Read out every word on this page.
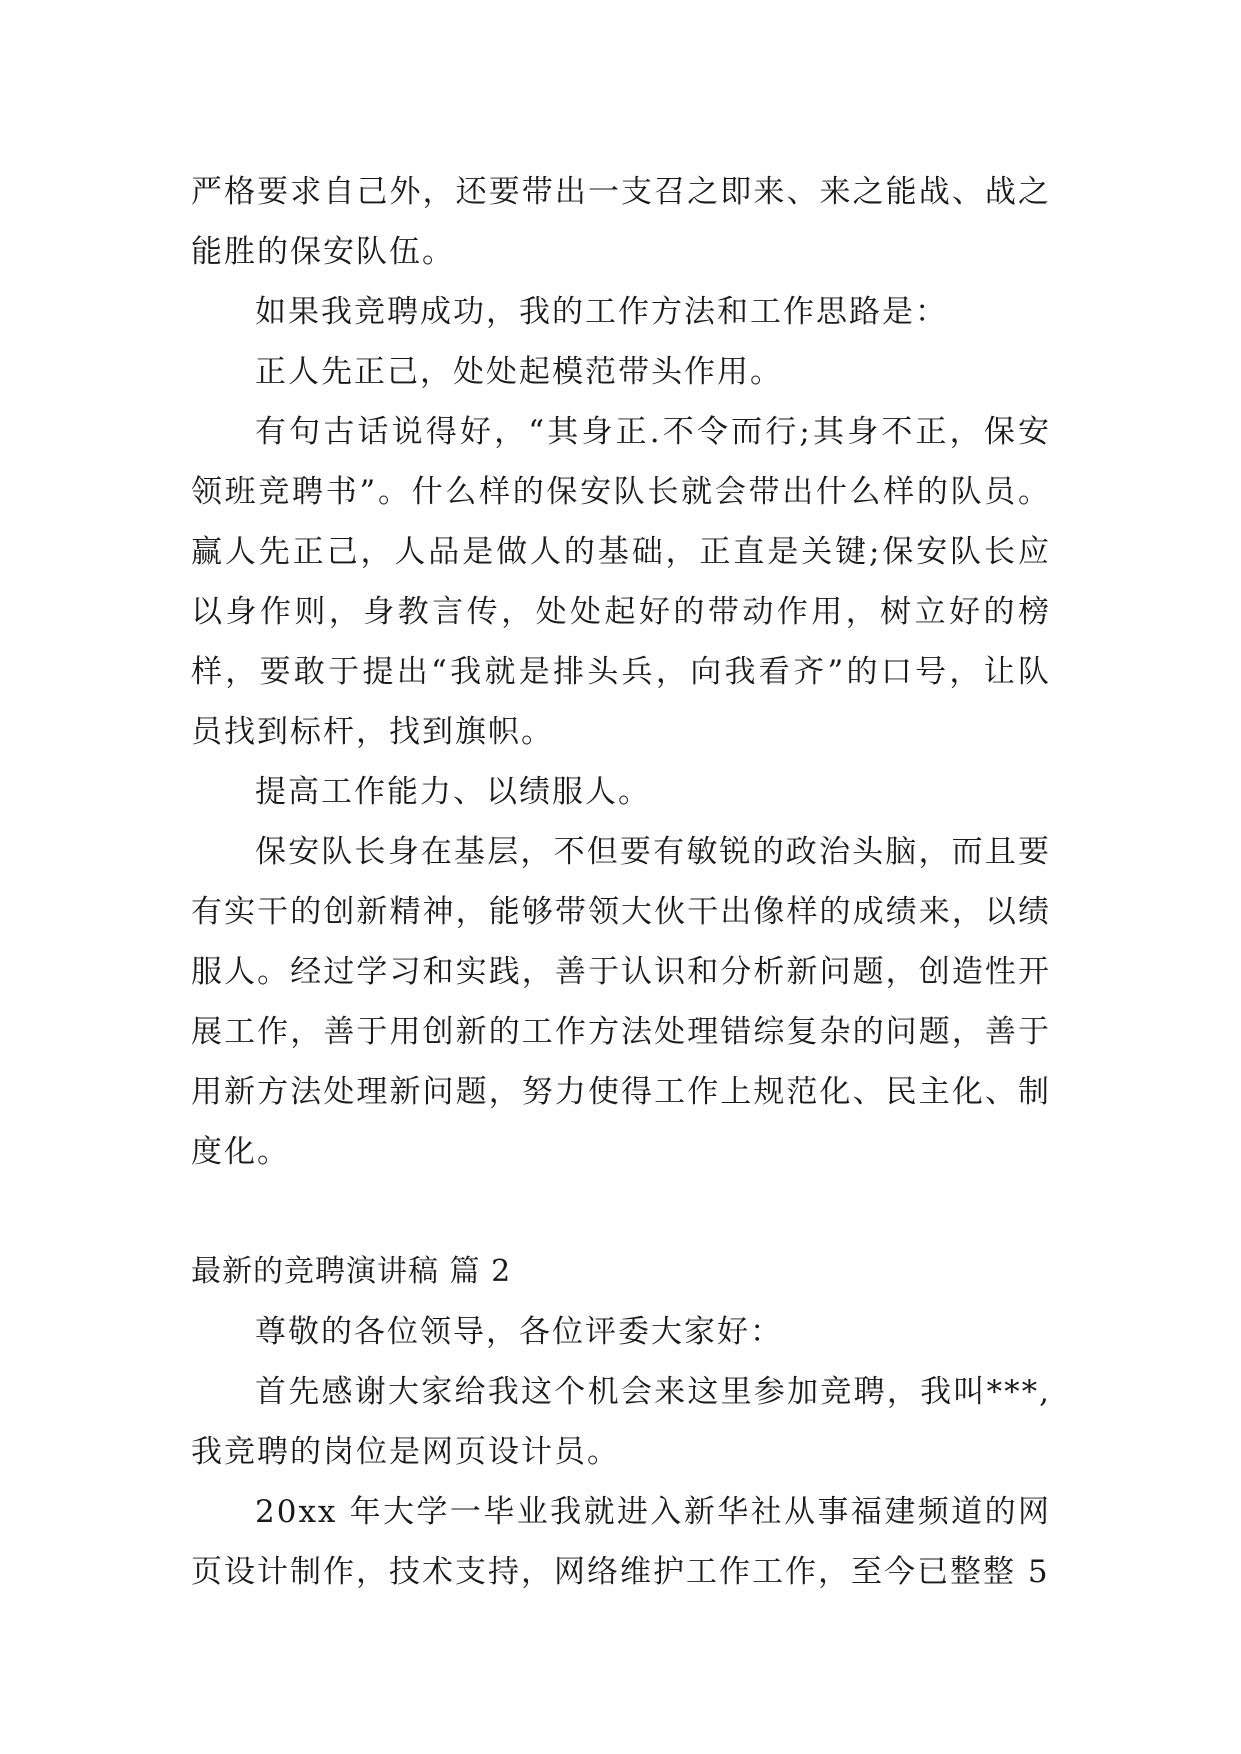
严格要求自己外，还要带出一支召之即来、来之能战、战之能胜的保安队伍。

如果我竞聘成功，我的工作方法和工作思路是：

正人先正己，处处起模范带头作用。

有句古话说得好，“其身正.不令而行;其身不正，保安领班竞聘书”。什么样的保安队长就会带出什么样的队员。赢人先正己，人品是做人的基础，正直是关键;保安队长应以身作则，身教言传，处处起好的带动作用，树立好的榜样，要敢于提出“我就是排头兵，向我看齐”的口号，让队员找到标杆，找到旗帜。

提高工作能力、以绩服人。

保安队长身在基层，不但要有敏锐的政治头脑，而且要有实干的创新精神，能够带领大伙干出像样的成绩来，以绩服人。经过学习和实践，善于认识和分析新问题，创造性开展工作，善于用创新的工作方法处理错综复杂的问题，善于用新方法处理新问题，努力使得工作上规范化、民主化、制度化。

最新的竞聘演讲稿 篇 2

尊敬的各位领导，各位评委大家好：

首先感谢大家给我这个机会来这里参加竞聘，我叫***,我竞聘的岗位是网页设计员。

20xx 年大学一毕业我就进入新华社从事福建频道的网页设计制作，技术支持，网络维护工作工作，至今已整整 5
